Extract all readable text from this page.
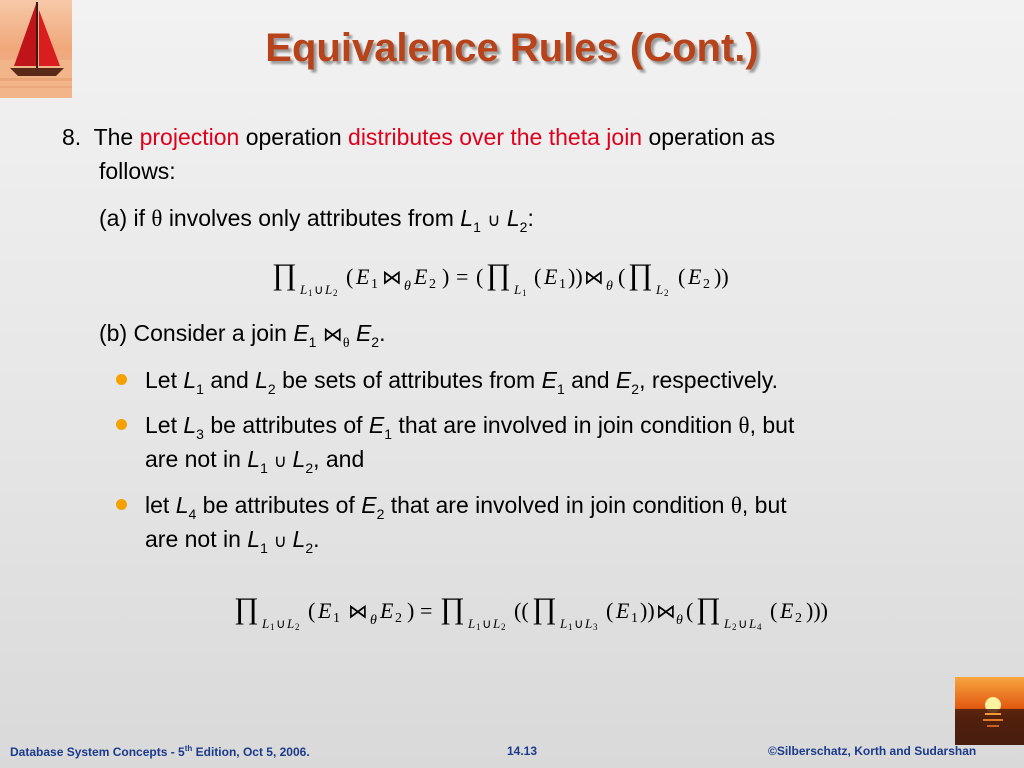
Equivalence Rules (Cont.)
8. The projection operation distributes over the theta join operation as
follows:
(a) if θ involves only attributes from $L_1$ ∪ $L_2$:
∏ L 1 ∪ L 2
( E 1 ⋈ θ E 2 ) = ( ∏ L 1
( E 1 )) ⋈ θ ( ∏ L 2
( E 2 ))
(b) Consider a join $E_1$ $⋈_\theta$ $E_2$.
Let $L_1$ and $L_2$ be sets of attributes from $E_1$ and $E_2$, respectively.
Let $L_3$ be attributes of $E_1$ that are involved in join condition θ, but
are not in $L_1$ ∪ $L_2$, and
let $L_4$ be attributes of $E_2$ that are involved in join condition θ, but
are not in $L_1$ ∪ $L_2$.
∏ L 1 ∪ L 2
( E 1 ⋈ θ E 2 ) = ∏ L 1 ∪ L 2
(( ∏ L 1 ∪ L 3
( E 1 )) ⋈ θ ( ∏ L 2 ∪ L 4
( E 2 )))
Database System Concepts - 5th Edition, Oct 5, 2006.	14.13	©Silberschatz, Korth and Sudarshan
